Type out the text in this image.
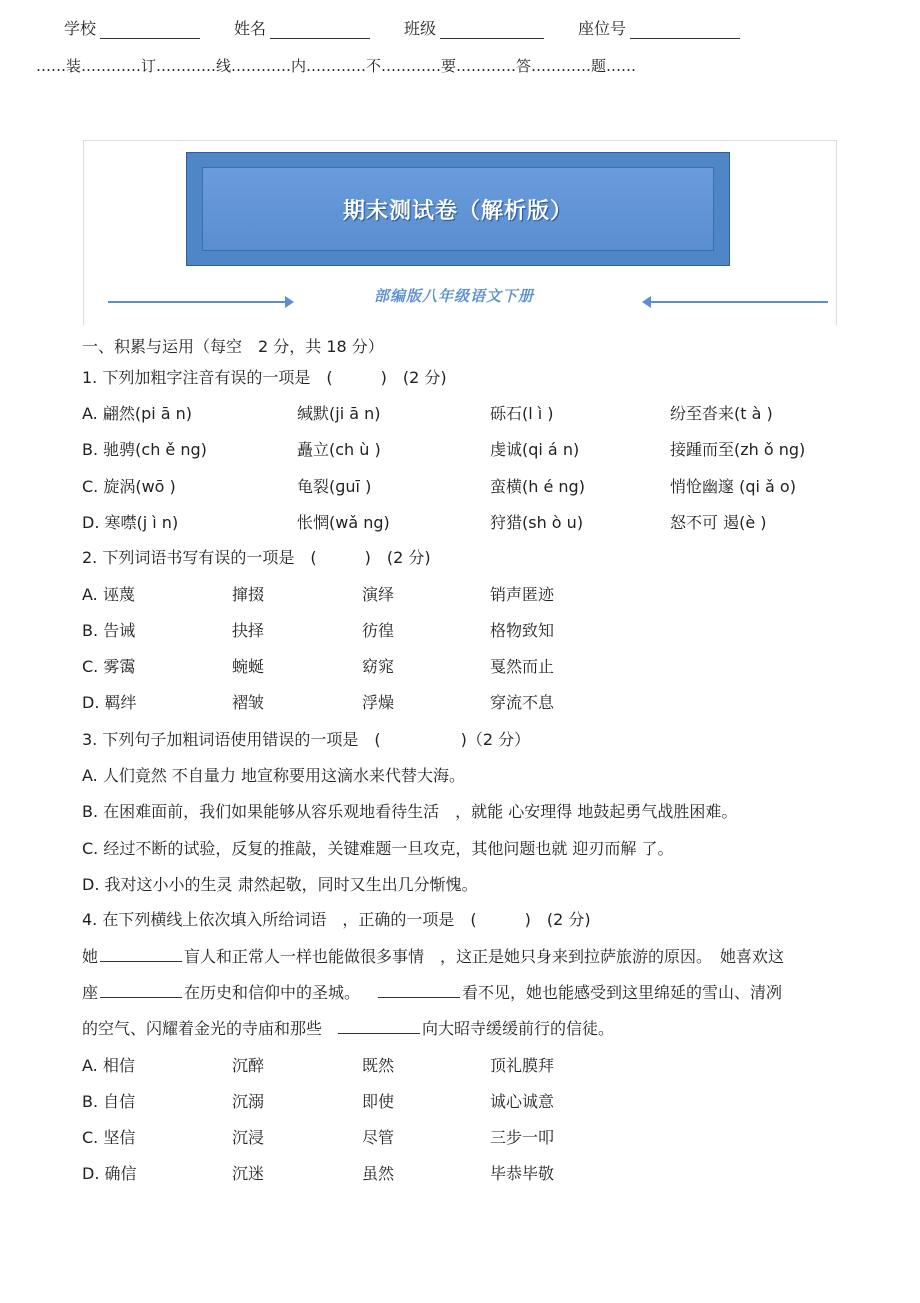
学校	姓名	班级	座位号
……装…………订…………线…………内…………不…………要…………答…………题……
期末测试卷（解析版）
部编版八年级语文下册
一、积累与运用（每空　2 分，共 18 分）
1. 下列加粗字注音有误的一项是　(　　　)　(2 分)
A. 翩然(pi ā n)	缄默(ji ā n)	砾石(l ì )	纷至沓来(t à )
B. 驰骋(ch ě ng)	矗立(ch ù )	虔诚(qi á n)	接踵而至(zh ǒ ng)
C. 旋涡(wō )	龟裂(ɡuī )	蛮横(h é ng)	悄怆幽邃 (qi ǎ o)
D. 寒噤(j ì n)	怅惘(wǎ ng)	狩猎(sh ò u)	怒不可 遏(è )
2. 下列词语书写有误的一项是　(　　　)　(2 分)
A. 诬蔑	撺掇	演绎	销声匿迹
B. 告诫	抉择	彷徨	格物致知
C. 雾霭	蜿蜒	窈窕	戛然而止
D. 羁绊	褶皱	浮燥	穿流不息
3. 下列句子加粗词语使用错误的一项是　(　　　　　)（2 分）
A. 人们竟然 不自量力 地宣称要用这滴水来代替大海。
B. 在困难面前，我们如果能够从容乐观地看待生活　，就能 心安理得 地鼓起勇气战胜困难。
C. 经过不断的试验，反复的推敲，关键难题一旦攻克，其他问题也就 迎刃而解 了。
D. 我对这小小的生灵 肃然起敬，同时又生出几分惭愧。
4. 在下列横线上依次填入所给词语　，正确的一项是　(　　　)　(2 分)
她	盲人和正常人一样也能做很多事情　，这正是她只身来到拉萨旅游的原因。　她喜欢这
座	在历史和信仰中的圣城。	看不见，她也能感受到这里绵延的雪山、清冽
的空气、闪耀着金光的寺庙和那些	向大昭寺缓缓前行的信徒。
A. 相信	沉醉	既然	顶礼膜拜
B. 自信	沉溺	即使	诚心诚意
C. 坚信	沉浸	尽管	三步一叩
D. 确信	沉迷	虽然	毕恭毕敬
